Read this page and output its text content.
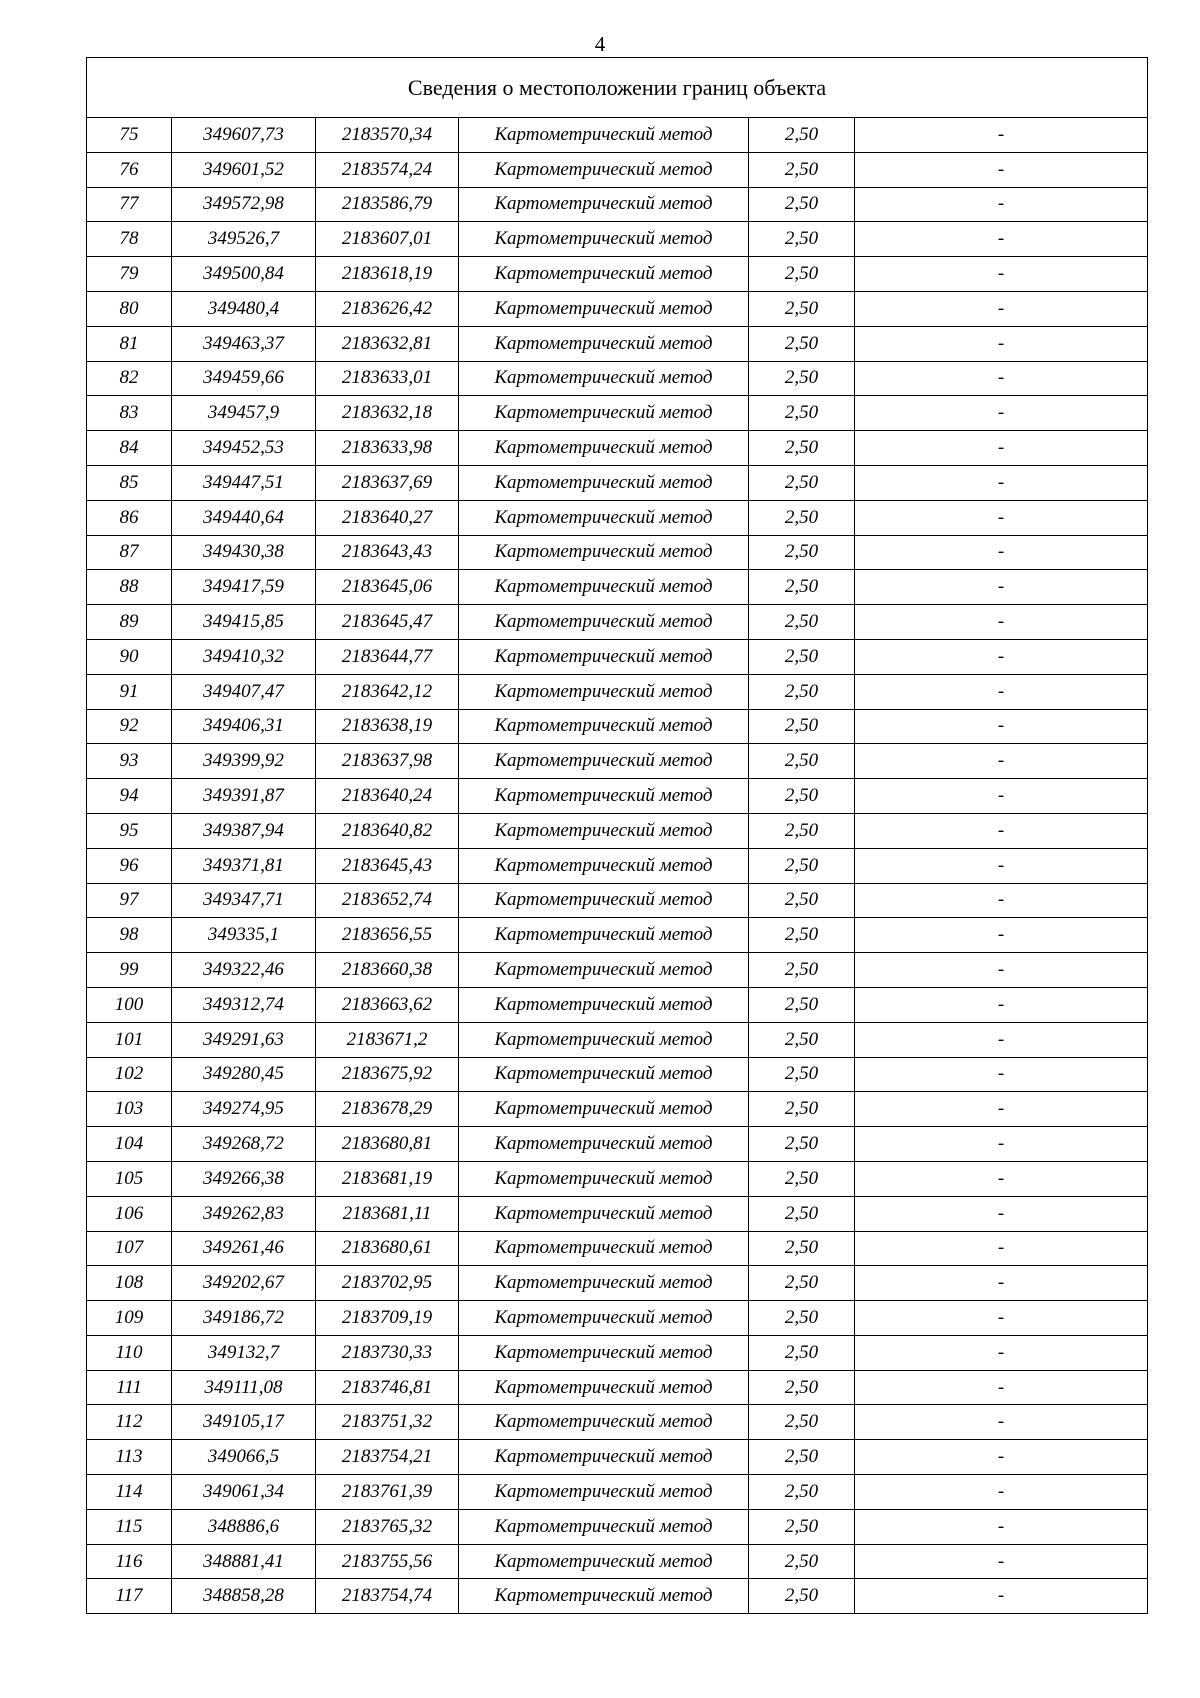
4
Сведения о местоположении границ объекта					
75	349607,73	2183570,34	Картометрический метод	2,50	-
76	349601,52	2183574,24	Картометрический метод	2,50	-
77	349572,98	2183586,79	Картометрический метод	2,50	-
78	349526,7	2183607,01	Картометрический метод	2,50	-
79	349500,84	2183618,19	Картометрический метод	2,50	-
80	349480,4	2183626,42	Картометрический метод	2,50	-
81	349463,37	2183632,81	Картометрический метод	2,50	-
82	349459,66	2183633,01	Картометрический метод	2,50	-
83	349457,9	2183632,18	Картометрический метод	2,50	-
84	349452,53	2183633,98	Картометрический метод	2,50	-
85	349447,51	2183637,69	Картометрический метод	2,50	-
86	349440,64	2183640,27	Картометрический метод	2,50	-
87	349430,38	2183643,43	Картометрический метод	2,50	-
88	349417,59	2183645,06	Картометрический метод	2,50	-
89	349415,85	2183645,47	Картометрический метод	2,50	-
90	349410,32	2183644,77	Картометрический метод	2,50	-
91	349407,47	2183642,12	Картометрический метод	2,50	-
92	349406,31	2183638,19	Картометрический метод	2,50	-
93	349399,92	2183637,98	Картометрический метод	2,50	-
94	349391,87	2183640,24	Картометрический метод	2,50	-
95	349387,94	2183640,82	Картометрический метод	2,50	-
96	349371,81	2183645,43	Картометрический метод	2,50	-
97	349347,71	2183652,74	Картометрический метод	2,50	-
98	349335,1	2183656,55	Картометрический метод	2,50	-
99	349322,46	2183660,38	Картометрический метод	2,50	-
100	349312,74	2183663,62	Картометрический метод	2,50	-
101	349291,63	2183671,2	Картометрический метод	2,50	-
102	349280,45	2183675,92	Картометрический метод	2,50	-
103	349274,95	2183678,29	Картометрический метод	2,50	-
104	349268,72	2183680,81	Картометрический метод	2,50	-
105	349266,38	2183681,19	Картометрический метод	2,50	-
106	349262,83	2183681,11	Картометрический метод	2,50	-
107	349261,46	2183680,61	Картометрический метод	2,50	-
108	349202,67	2183702,95	Картометрический метод	2,50	-
109	349186,72	2183709,19	Картометрический метод	2,50	-
110	349132,7	2183730,33	Картометрический метод	2,50	-
111	349111,08	2183746,81	Картометрический метод	2,50	-
112	349105,17	2183751,32	Картометрический метод	2,50	-
113	349066,5	2183754,21	Картометрический метод	2,50	-
114	349061,34	2183761,39	Картометрический метод	2,50	-
115	348886,6	2183765,32	Картометрический метод	2,50	-
116	348881,41	2183755,56	Картометрический метод	2,50	-
117	348858,28	2183754,74	Картометрический метод	2,50	-
